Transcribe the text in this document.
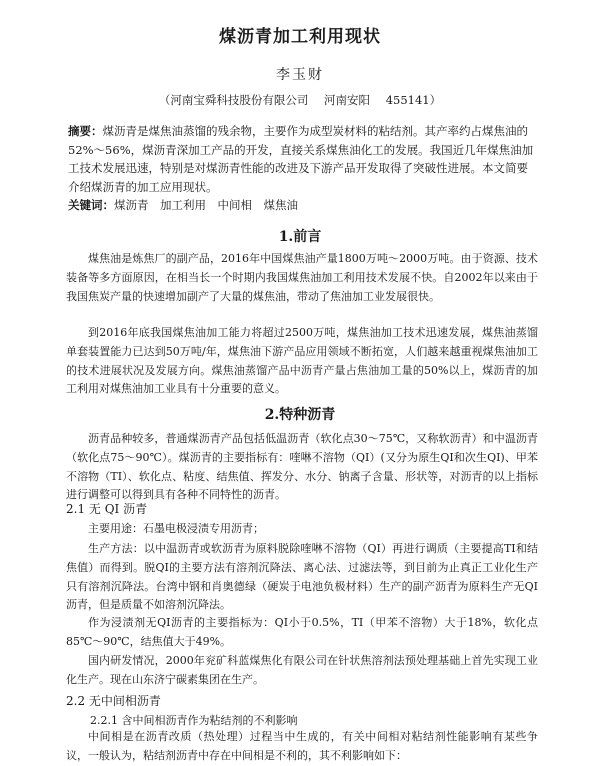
煤沥青加工利用现状
李玉财
（河南宝舜科技股份有限公司 河南安阳 455141）
摘要：煤沥青是煤焦油蒸馏的残余物，主要作为成型炭材料的粘结剂。其产率约占煤焦油的52%～56%，煤沥青深加工产品的开发，直接关系煤焦油化工的发展。我国近几年煤焦油加工技术发展迅速，特别是对煤沥青性能的改进及下游产品开发取得了突破性进展。本文简要介绍煤沥青的加工应用现状。
关键词：煤沥青　加工利用　中间相　煤焦油
1.前言
煤焦油是炼焦厂的副产品，2016年中国煤焦油产量1800万吨～2000万吨。由于资源、技术装备等多方面原因，在相当长一个时期内我国煤焦油加工利用技术发展不快。自2002年以来由于我国焦炭产量的快速增加副产了大量的煤焦油，带动了焦油加工业发展很快。
到2016年底我国煤焦油加工能力将超过2500万吨，煤焦油加工技术迅速发展，煤焦油蒸馏单套装置能力已达到50万吨/年，煤焦油下游产品应用领域不断拓宽，人们越来越重视煤焦油加工的技术进展状况及发展方向。煤焦油蒸馏产品中沥青产量占焦油加工量的50%以上，煤沥青的加工利用对煤焦油加工业具有十分重要的意义。
2.特种沥青
沥青品种较多，普通煤沥青产品包括低温沥青（软化点30～75℃，又称软沥青）和中温沥青（软化点75～90℃）。煤沥青的主要指标有：喹啉不溶物（QI）(又分为原生QI和次生QI)、甲苯不溶物（TI）、软化点、粘度、结焦值、挥发分、水分、钠离子含量、形状等，对沥青的以上指标进行调整可以得到具有各种不同特性的沥青。
2.1 无 QI 沥青
主要用途：石墨电极浸渍专用沥青；
生产方法：以中温沥青或软沥青为原料脱除喹啉不溶物（QI）再进行调质（主要提高TI和结焦值）而得到。脱QI的主要方法有溶剂沉降法、离心法、过滤法等，到目前为止真正工业化生产只有溶剂沉降法。台湾中钢和肖奥德绿（硬炭于电池负极材料）生产的副产沥青为原料生产无QI沥青，但是质量不如溶剂沉降法。
作为浸渍剂无QI沥青的主要指标为：QI小于0.5%，TI（甲苯不溶物）大于18%，软化点85℃～90℃，结焦值大于49%。
国内研发情况，2000年兖矿科蓝煤焦化有限公司在针状焦溶剂法预处理基础上首先实现工业化生产。现在山东济宁碳素集团在生产。
2.2 无中间相沥青
2.2.1 含中间相沥青作为粘结剂的不利影响
中间相是在沥青改质（热处理）过程当中生成的，有关中间相对粘结剂性能影响有某些争议，一般认为，粘结剂沥青中存在中间相是不利的，其不利影响如下：
